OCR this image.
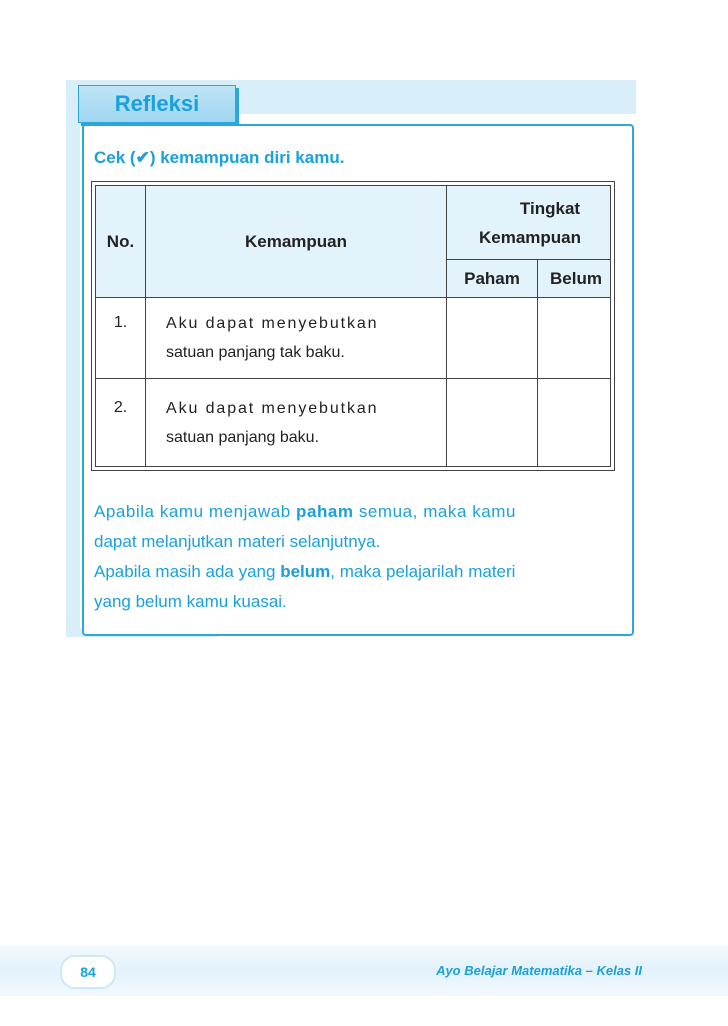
Refleksi
Cek (✔) kemampuan diri kamu.
No.	Kemampuan
Tingkat
Kemampuan
Paham Belum
1. Aku dapat menyebutkan
satuan panjang tak baku.
2. Aku dapat menyebutkan
satuan panjang baku.
Apabila kamu menjawab paham semua, maka kamu
dapat melanjutkan materi selanjutnya.
Apabila masih ada yang belum, maka pelajarilah materi
yang belum kamu kuasai.
84	Ayo Belajar Matematika – Kelas II
